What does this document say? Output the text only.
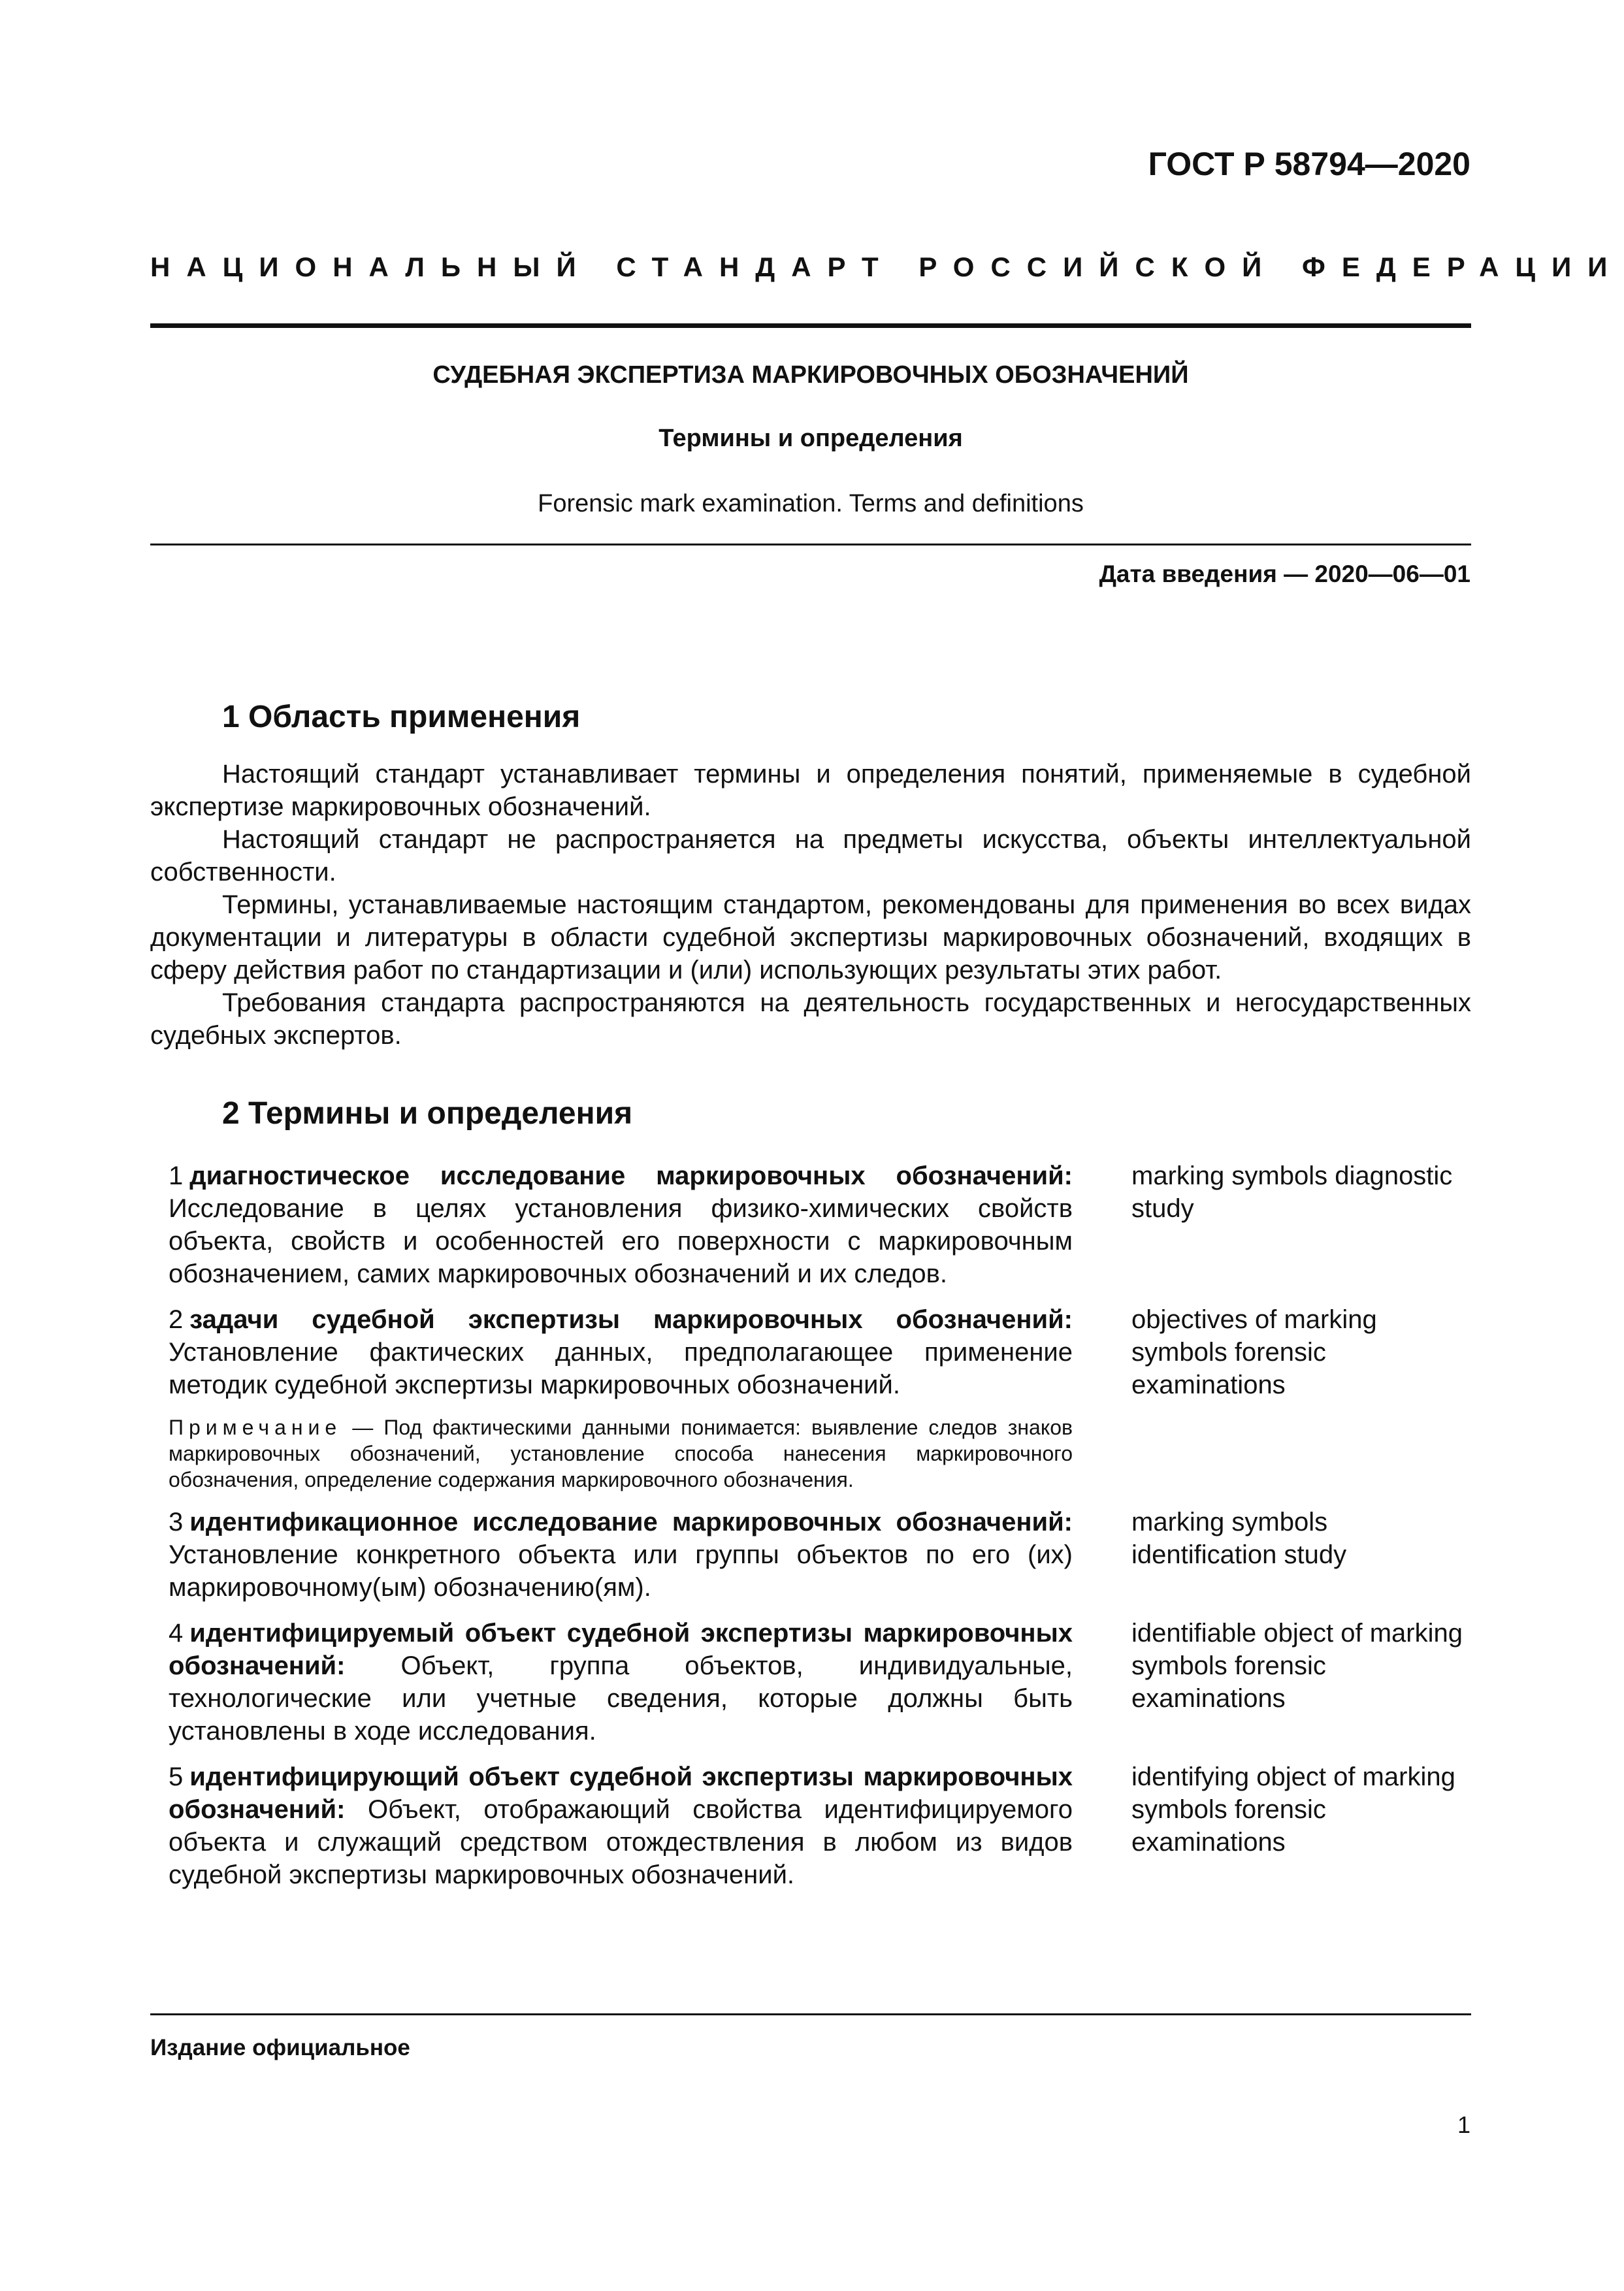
ГОСТ Р 58794—2020
НАЦИОНАЛЬНЫЙ СТАНДАРТ РОССИЙСКОЙ ФЕДЕРАЦИИ
СУДЕБНАЯ ЭКСПЕРТИЗА МАРКИРОВОЧНЫХ ОБОЗНАЧЕНИЙ
Термины и определения
Forensic mark examination. Terms and definitions
Дата введения — 2020—06—01
1 Область применения

Настоящий стандарт устанавливает термины и определения понятий, применяемые в судебной экспертизе маркировочных обозначений.

Настоящий стандарт не распространяется на предметы искусства, объекты интеллектуальной собственности.

Термины, устанавливаемые настоящим стандартом, рекомендованы для применения во всех видах документации и литературы в области судебной экспертизы маркировочных обозначений, входящих в сферу действия работ по стандартизации и (или) использующих результаты этих работ.

Требования стандарта распространяются на деятельность государственных и негосударственных судебных экспертов.

2 Термины и определения
1 диагностическое исследование маркировочных обозначений: Исследование в целях установления физико-химических свойств объекта, свойств и особенностей его поверхности с маркировочным обозначением, самих маркировочных обозначений и их следов.
marking symbols diagnostic study
2 задачи судебной экспертизы маркировочных обозначений: Установление фактических данных, предполагающее применение методик судебной экспертизы маркировочных обозначений.
Примечание — Под фактическими данными понимается: выявление следов знаков маркировочных обозначений, установление способа нанесения маркировочного обозначения, определение содержания маркировочного обозначения.
objectives of marking symbols forensic examinations
3 идентификационное исследование маркировочных обозначений: Установление конкретного объекта или группы объектов по его (их) маркировочному(ым) обозначению(ям).
marking symbols identification study
4 идентифицируемый объект судебной экспертизы маркировочных обозначений: Объект, группа объектов, индивидуальные, технологические или учетные сведения, которые должны быть установлены в ходе исследования.
identifiable object of marking symbols forensic examinations
5 идентифицирующий объект судебной экспертизы маркировочных обозначений: Объект, отображающий свойства идентифицируемого объекта и служащий средством отождествления в любом из видов судебной экспертизы маркировочных обозначений.
identifying object of marking symbols forensic examinations
Издание официальное
1
